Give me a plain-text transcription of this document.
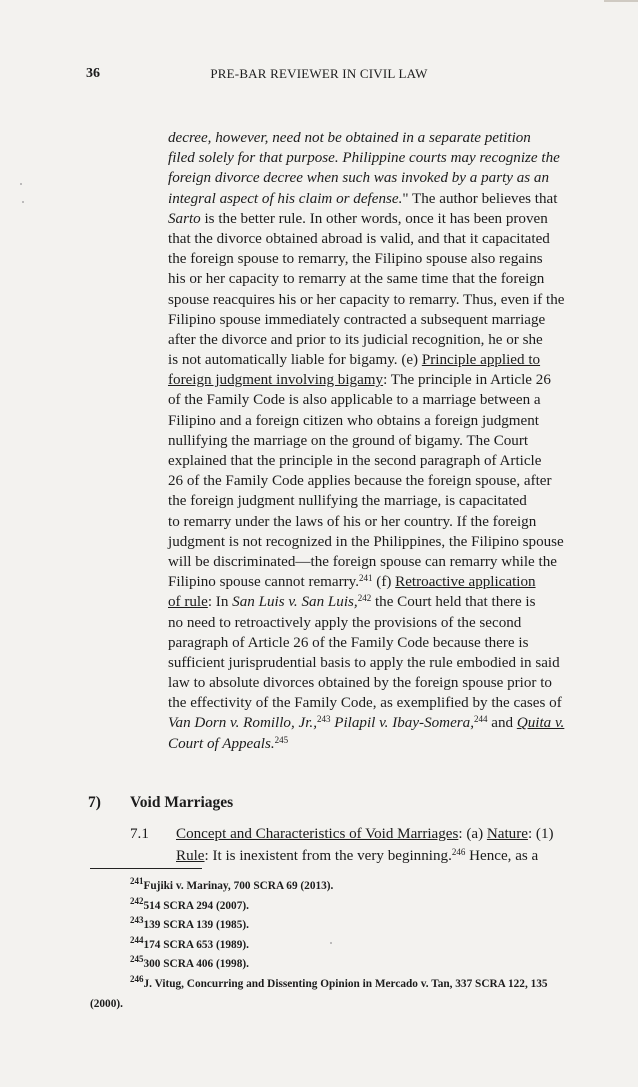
36	PRE-BAR REVIEWER IN CIVIL LAW
decree, however, need not be obtained in a separate petition
filed solely for that purpose. Philippine courts may recognize the
foreign divorce decree when such was invoked by a party as an
integral aspect of his claim or defense." The author believes that
Sarto is the better rule. In other words, once it has been proven
that the divorce obtained abroad is valid, and that it capacitated
the foreign spouse to remarry, the Filipino spouse also regains
his or her capacity to remarry at the same time that the foreign
spouse reacquires his or her capacity to remarry. Thus, even if the
Filipino spouse immediately contracted a subsequent marriage
after the divorce and prior to its judicial recognition, he or she
is not automatically liable for bigamy. (e) Principle applied to
foreign judgment involving bigamy: The principle in Article 26
of the Family Code is also applicable to a marriage between a
Filipino and a foreign citizen who obtains a foreign judgment
nullifying the marriage on the ground of bigamy. The Court
explained that the principle in the second paragraph of Article
26 of the Family Code applies because the foreign spouse, after
the foreign judgment nullifying the marriage, is capacitated
to remarry under the laws of his or her country. If the foreign
judgment is not recognized in the Philippines, the Filipino spouse
will be discriminated—the foreign spouse can remarry while the
Filipino spouse cannot remarry.$^{241}$ (f) Retroactive application
of rule: In San Luis v. San Luis,$^{242}$ the Court held that there is
no need to retroactively apply the provisions of the second
paragraph of Article 26 of the Family Code because there is
sufficient jurisprudential basis to apply the rule embodied in said
law to absolute divorces obtained by the foreign spouse prior to
the effectivity of the Family Code, as exemplified by the cases of
Van Dorn v. Romillo, Jr.,$^{243}$ Pilapil v. Ibay-Somera,$^{244}$ and Quita v.
Court of Appeals.$^{245}$
7) Void Marriages
7.1 Concept and Characteristics of Void Marriages: (a) Nature: (1)
Rule: It is inexistent from the very beginning.$^{246}$ Hence, as a
$^{241}$Fujiki v. Marinay, 700 SCRA 69 (2013).
$^{242}$514 SCRA 294 (2007).
$^{243}$139 SCRA 139 (1985).
$^{244}$174 SCRA 653 (1989).
$^{245}$300 SCRA 406 (1998).
$^{246}$J. Vitug, Concurring and Dissenting Opinion in Mercado v. Tan, 337 SCRA 122, 135
(2000).
